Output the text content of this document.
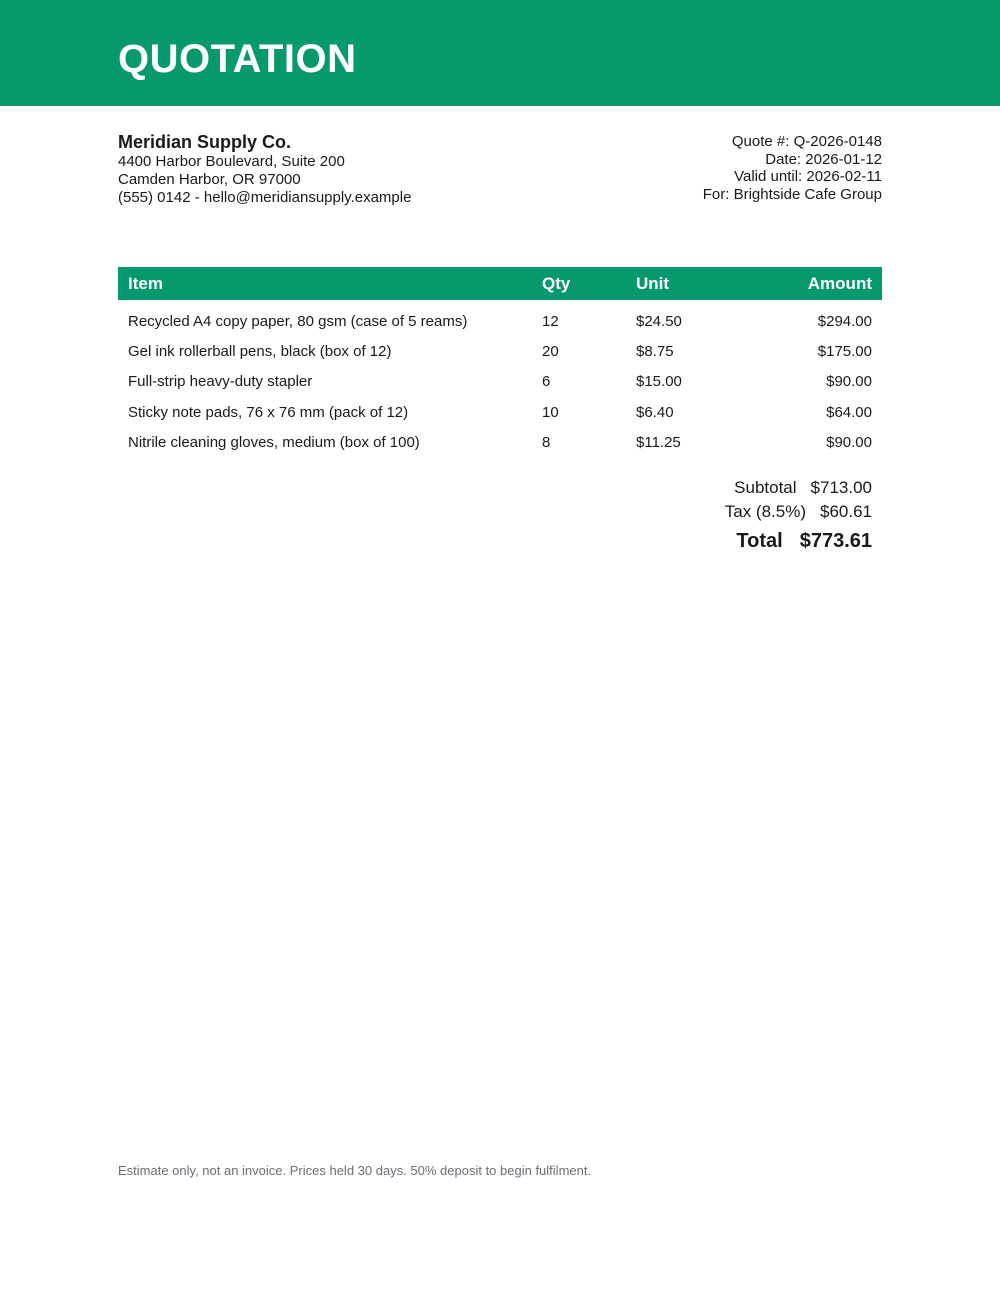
QUOTATION
Meridian Supply Co.
4400 Harbor Boulevard, Suite 200
Camden Harbor, OR 97000
(555) 0142 - hello@meridiansupply.example
Quote #: Q-2026-0148
Date: 2026-01-12
Valid until: 2026-02-11
For: Brightside Cafe Group
Item	Qty	Unit	Amount
Recycled A4 copy paper, 80 gsm (case of 5 reams)	12	$24.50	$294.00
Gel ink rollerball pens, black (box of 12)	20	$8.75	$175.00
Full-strip heavy-duty stapler	6	$15.00	$90.00
Sticky note pads, 76 x 76 mm (pack of 12)	10	$6.40	$64.00
Nitrile cleaning gloves, medium (box of 100)	8	$11.25	$90.00
Subtotal $713.00
Tax (8.5%) $60.61
Total $773.61
Estimate only, not an invoice. Prices held 30 days. 50% deposit to begin fulfilment.
